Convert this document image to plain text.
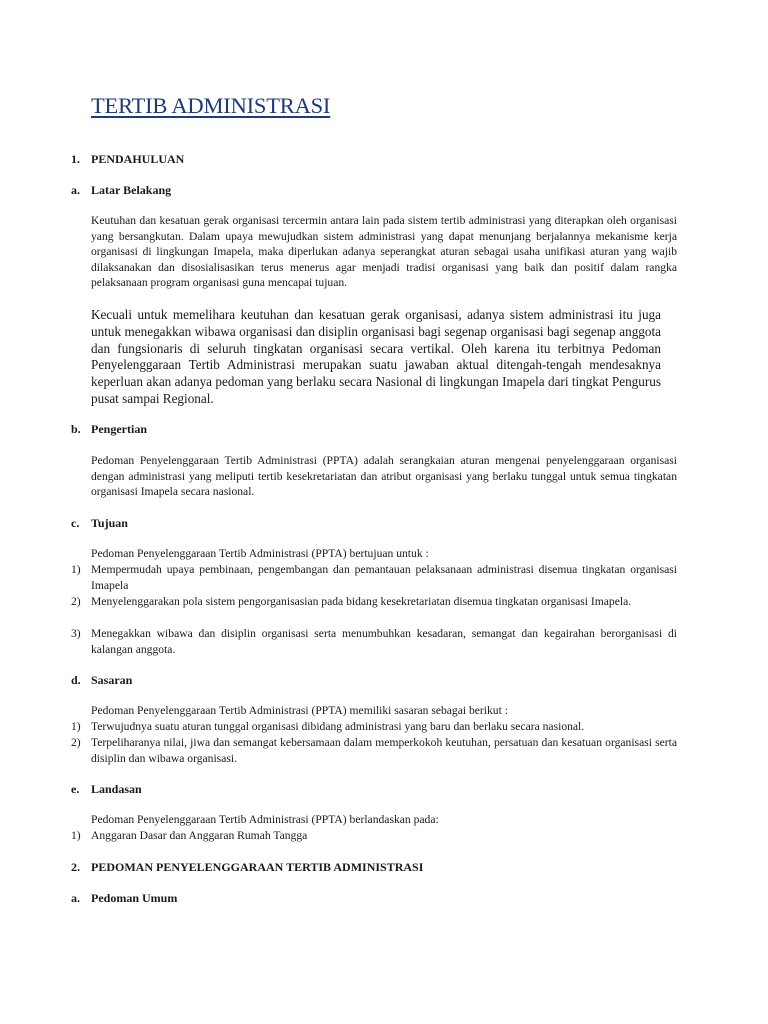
TERTIB ADMINISTRASI
1. PENDAHULUAN
a. Latar Belakang
Keutuhan dan kesatuan gerak organisasi tercermin antara lain pada sistem tertib administrasi yang diterapkan oleh organisasi yang bersangkutan. Dalam upaya mewujudkan sistem administrasi yang dapat menunjang berjalannya mekanisme kerja organisasi di lingkungan Imapela, maka diperlukan adanya seperangkat aturan sebagai usaha unifikasi aturan yang wajib dilaksanakan dan disosialisasikan terus menerus agar menjadi tradisi organisasi yang baik dan positif dalam rangka pelaksanaan program organisasi guna mencapai tujuan.
Kecuali untuk memelihara keutuhan dan kesatuan gerak organisasi, adanya sistem administrasi itu juga untuk menegakkan wibawa organisasi dan disiplin organisasi bagi segenap organisasi bagi segenap anggota dan fungsionaris di seluruh tingkatan organisasi secara vertikal. Oleh karena itu terbitnya Pedoman Penyelenggaraan Tertib Administrasi merupakan suatu jawaban aktual ditengah-tengah mendesaknya keperluan akan adanya pedoman yang berlaku secara Nasional di lingkungan Imapela dari tingkat Pengurus pusat sampai Regional.
b. Pengertian
Pedoman Penyelenggaraan Tertib Administrasi (PPTA) adalah serangkaian aturan mengenai penyelenggaraan organisasi dengan administrasi yang meliputi tertib kesekretariatan dan atribut organisasi yang berlaku tunggal untuk semua tingkatan organisasi Imapela secara nasional.
c. Tujuan
Pedoman Penyelenggaraan Tertib Administrasi (PPTA) bertujuan untuk :
1) Mempermudah upaya pembinaan, pengembangan dan pemantauan pelaksanaan administrasi disemua tingkatan organisasi Imapela
2) Menyelenggarakan pola sistem pengorganisasian pada bidang kesekretariatan disemua tingkatan organisasi Imapela.
3) Menegakkan wibawa dan disiplin organisasi serta menumbuhkan kesadaran, semangat dan kegairahan berorganisasi di kalangan anggota.
d. Sasaran
Pedoman Penyelenggaraan Tertib Administrasi (PPTA) memiliki sasaran sebagai berikut :
1) Terwujudnya suatu aturan tunggal organisasi dibidang administrasi yang baru dan berlaku secara nasional.
2) Terpeliharanya nilai, jiwa dan semangat kebersamaan dalam memperkokoh keutuhan, persatuan dan kesatuan organisasi serta disiplin dan wibawa organisasi.
e. Landasan
Pedoman Penyelenggaraan Tertib Administrasi (PPTA) berlandaskan pada:
1) Anggaran Dasar dan Anggaran Rumah Tangga
2. PEDOMAN PENYELENGGARAAN TERTIB ADMINISTRASI
a. Pedoman Umum
